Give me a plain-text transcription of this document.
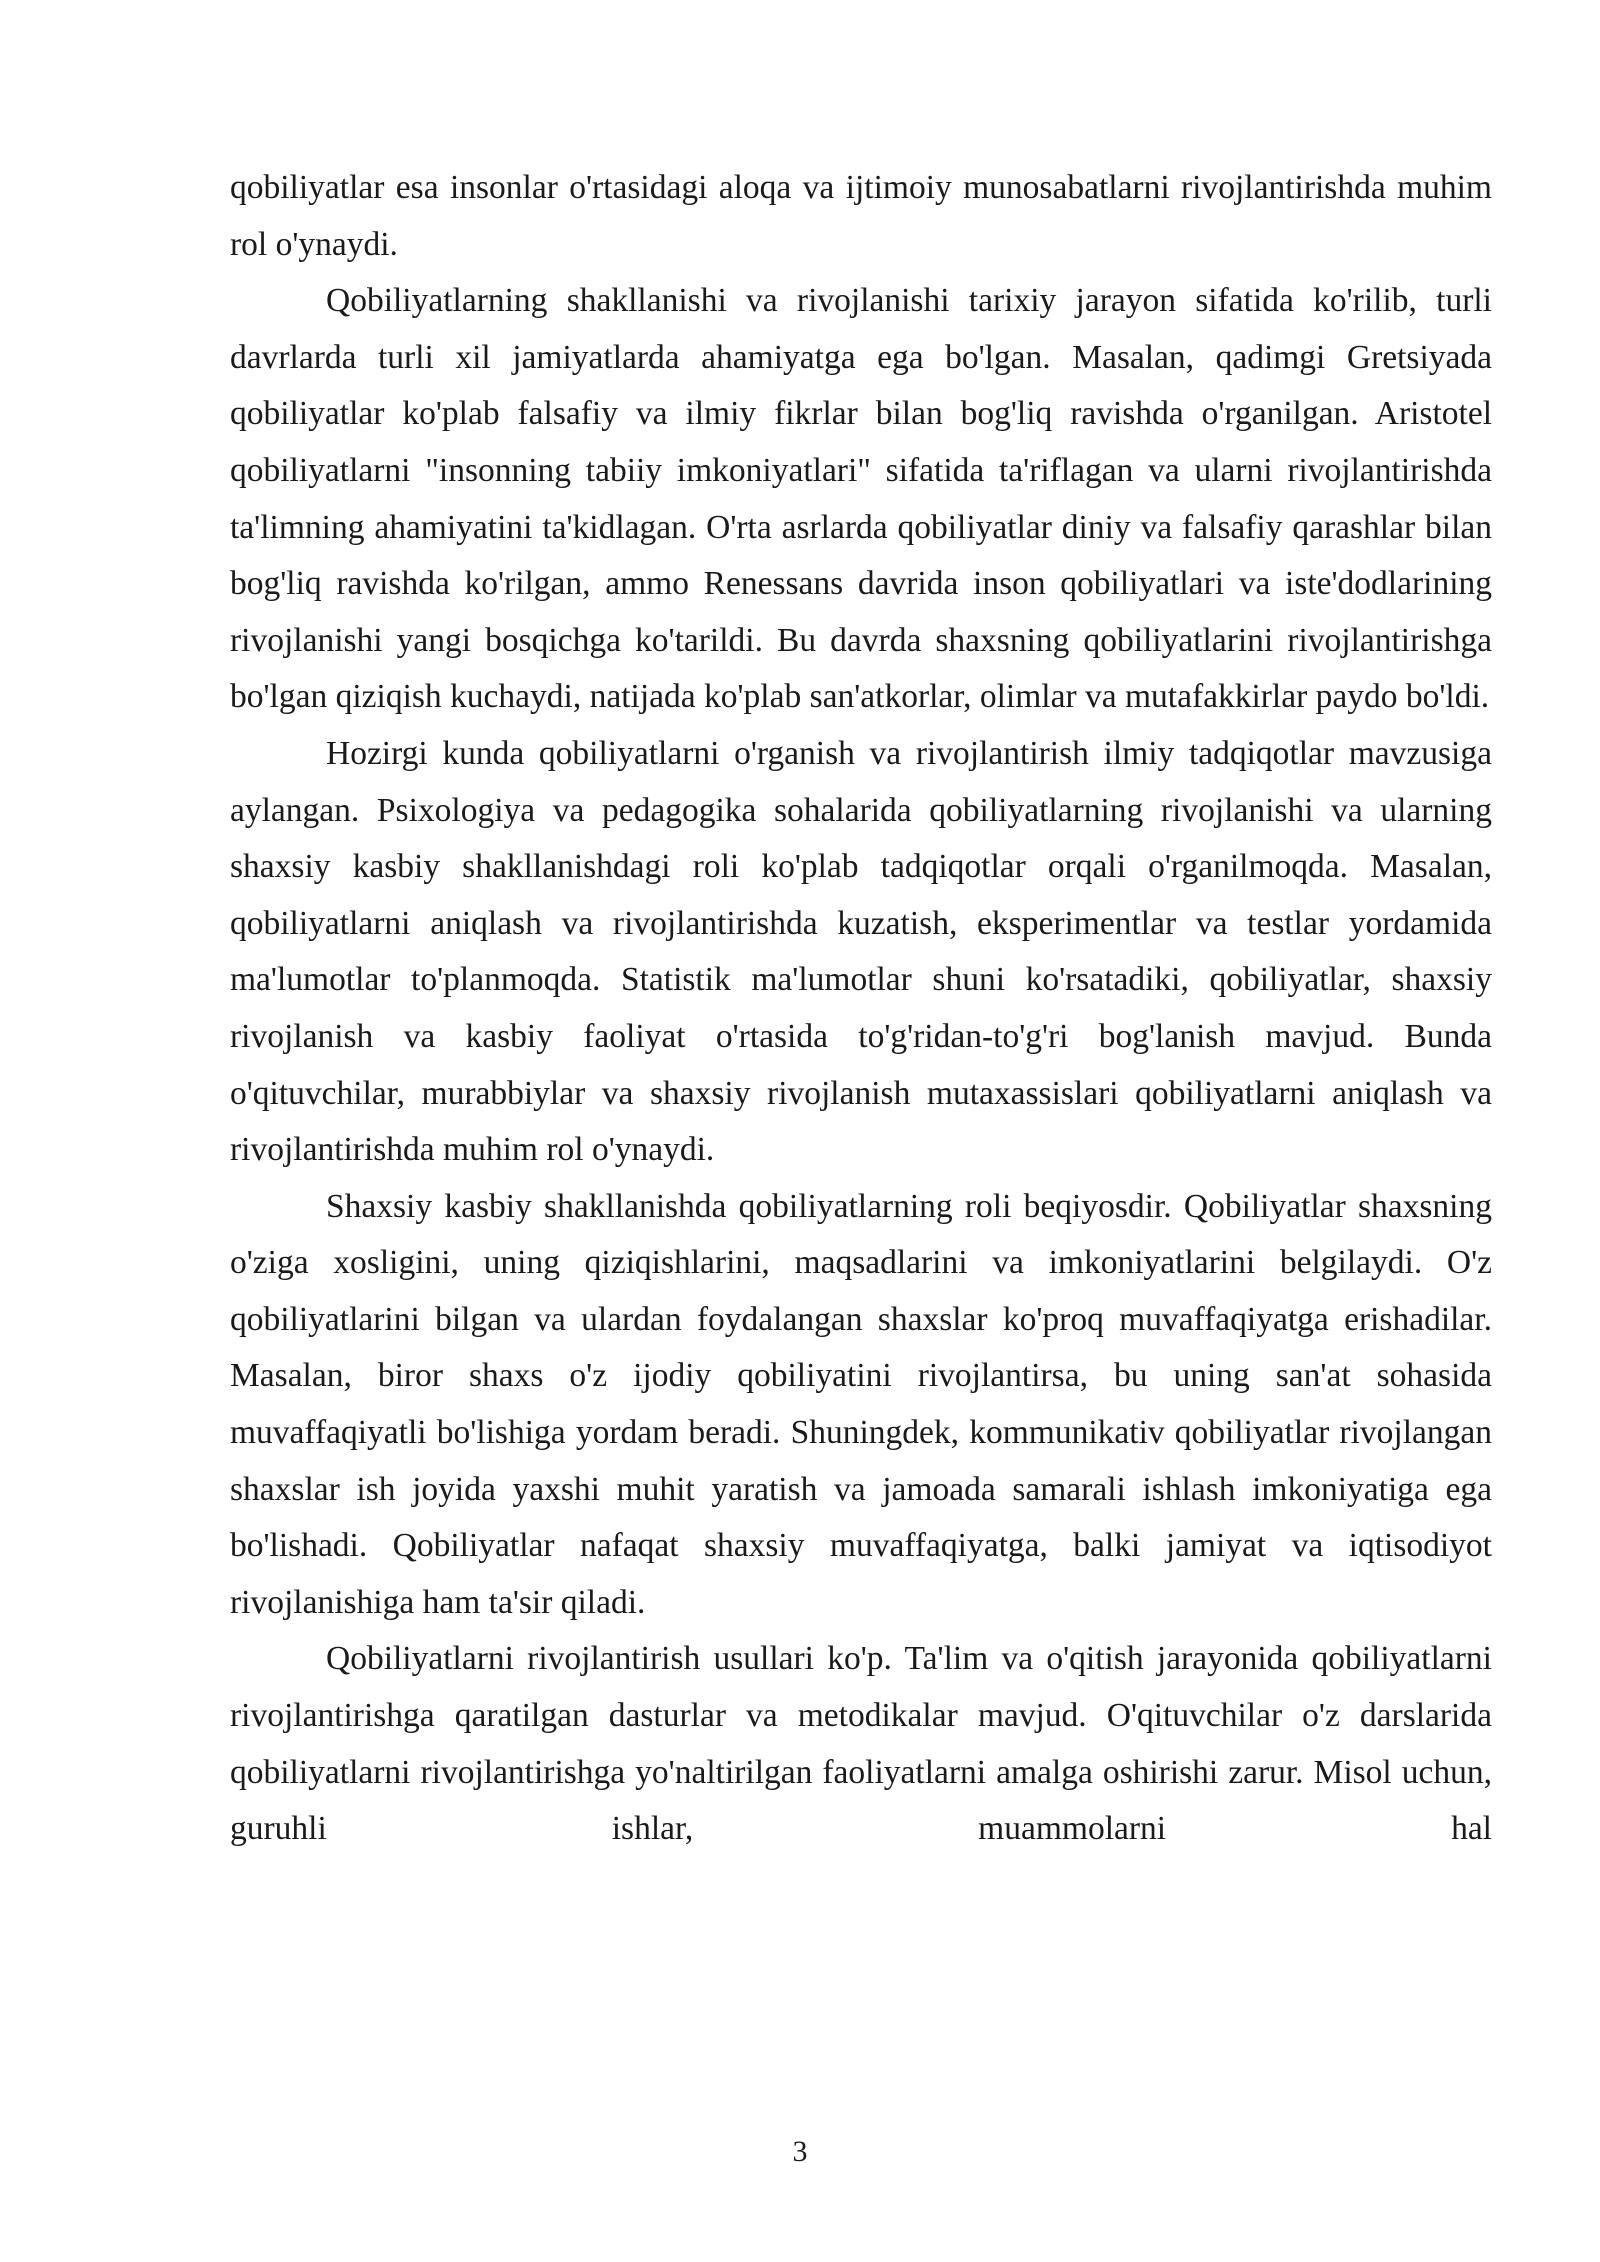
qobiliyatlar esa insonlar o'rtasidagi aloqa va ijtimoiy munosabatlarni rivojlantirishda muhim rol o'ynaydi.

Qobiliyatlarning shakllanishi va rivojlanishi tarixiy jarayon sifatida ko'rilib, turli davrlarda turli xil jamiyatlarda ahamiyatga ega bo'lgan. Masalan, qadimgi Gretsiyada qobiliyatlar ko'plab falsafiy va ilmiy fikrlar bilan bog'liq ravishda o'rganilgan. Aristotel qobiliyatlarni "insonning tabiiy imkoniyatlari" sifatida ta'riflagan va ularni rivojlantirishda ta'limning ahamiyatini ta'kidlagan. O'rta asrlarda qobiliyatlar diniy va falsafiy qarashlar bilan bog'liq ravishda ko'rilgan, ammo Renessans davrida inson qobiliyatlari va iste'dodlarining rivojlanishi yangi bosqichga ko'tarildi. Bu davrda shaxsning qobiliyatlarini rivojlantirishga bo'lgan qiziqish kuchaydi, natijada ko'plab san'atkorlar, olimlar va mutafakkirlar paydo bo'ldi.

Hozirgi kunda qobiliyatlarni o'rganish va rivojlantirish ilmiy tadqiqotlar mavzusiga aylangan. Psixologiya va pedagogika sohalarida qobiliyatlarning rivojlanishi va ularning shaxsiy kasbiy shakllanishdagi roli ko'plab tadqiqotlar orqali o'rganilmoqda. Masalan, qobiliyatlarni aniqlash va rivojlantirishda kuzatish, eksperimentlar va testlar yordamida ma'lumotlar to'planmoqda. Statistik ma'lumotlar shuni ko'rsatadiki, qobiliyatlar, shaxsiy rivojlanish va kasbiy faoliyat o'rtasida to'g'ridan-to'g'ri bog'lanish mavjud. Bunda o'qituvchilar, murabbiylar va shaxsiy rivojlanish mutaxassislari qobiliyatlarni aniqlash va rivojlantirishda muhim rol o'ynaydi.

Shaxsiy kasbiy shakllanishda qobiliyatlarning roli beqiyosdir. Qobiliyatlar shaxsning o'ziga xosligini, uning qiziqishlarini, maqsadlarini va imkoniyatlarini belgilaydi. O'z qobiliyatlarini bilgan va ulardan foydalangan shaxslar ko'proq muvaffaqiyatga erishadilar. Masalan, biror shaxs o'z ijodiy qobiliyatini rivojlantirsa, bu uning san'at sohasida muvaffaqiyatli bo'lishiga yordam beradi. Shuningdek, kommunikativ qobiliyatlar rivojlangan shaxslar ish joyida yaxshi muhit yaratish va jamoada samarali ishlash imkoniyatiga ega bo'lishadi. Qobiliyatlar nafaqat shaxsiy muvaffaqiyatga, balki jamiyat va iqtisodiyot rivojlanishiga ham ta'sir qiladi.

Qobiliyatlarni rivojlantirish usullari ko'p. Ta'lim va o'qitish jarayonida qobiliyatlarni rivojlantirishga qaratilgan dasturlar va metodikalar mavjud. O'qituvchilar o'z darslarida qobiliyatlarni rivojlantirishga yo'naltirilgan faoliyatlarni amalga oshirishi zarur. Misol uchun, guruhli ishlar, muammolarni hal

3
